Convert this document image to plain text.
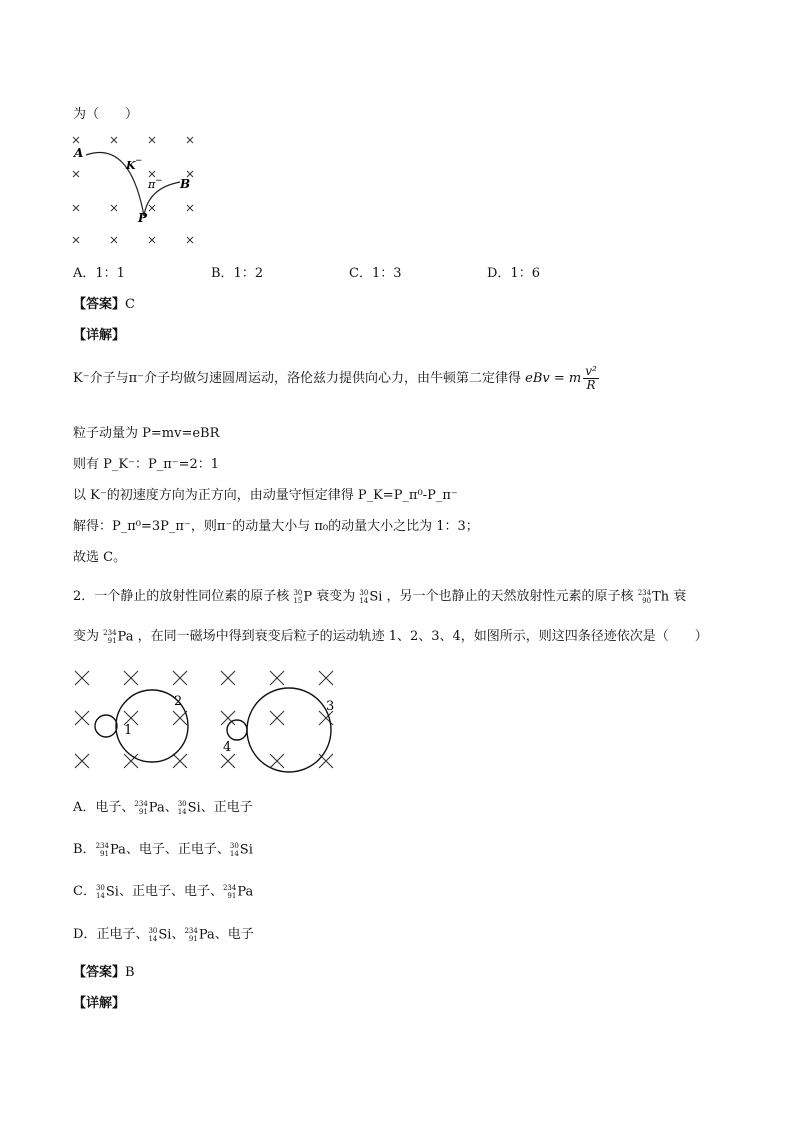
为（　　）
A
B
P
K −
π −
A．1：1	B．1：2	C．1：3	D．1：6
【答案】C
【详解】
K⁻介子与π⁻介子均做匀速圆周运动，洛伦兹力提供向心力，由牛顿第二定律得 eBv = m $\frac{\text{v²}}{R}$
粒子动量为 P=mv=eBR
则有 P_K⁻：P_π⁻=2：1
以 K⁻的初速度方向为正方向，由动量守恒定律得 P_K=P_π⁰-P_π⁻
解得：P_π⁰=3P_π⁻，则π⁻的动量大小与 π₀的动量大小之比为 1：3；
故选 C。
2．一个静止的放射性同位素的原子核 30
15 P 衰变为 30
14 Si ，另一个也静止的天然放射性元素的原子核 234
90 Th 衰
变为 234
91 Pa ，在同一磁场中得到衰变后粒子的运动轨迹 1、2、3、4，如图所示，则这四条径迹依次是（　　）
1
2	3
4
A．电子、 234
91 Pa、 30
14 Si、正电子
B． 234
91 Pa、电子、正电子、 30
14 Si
C． 30
14 Si、正电子、电子、 234
91 Pa
D．正电子、 30
14 Si、 234
91 Pa、电子
【答案】B
【详解】
